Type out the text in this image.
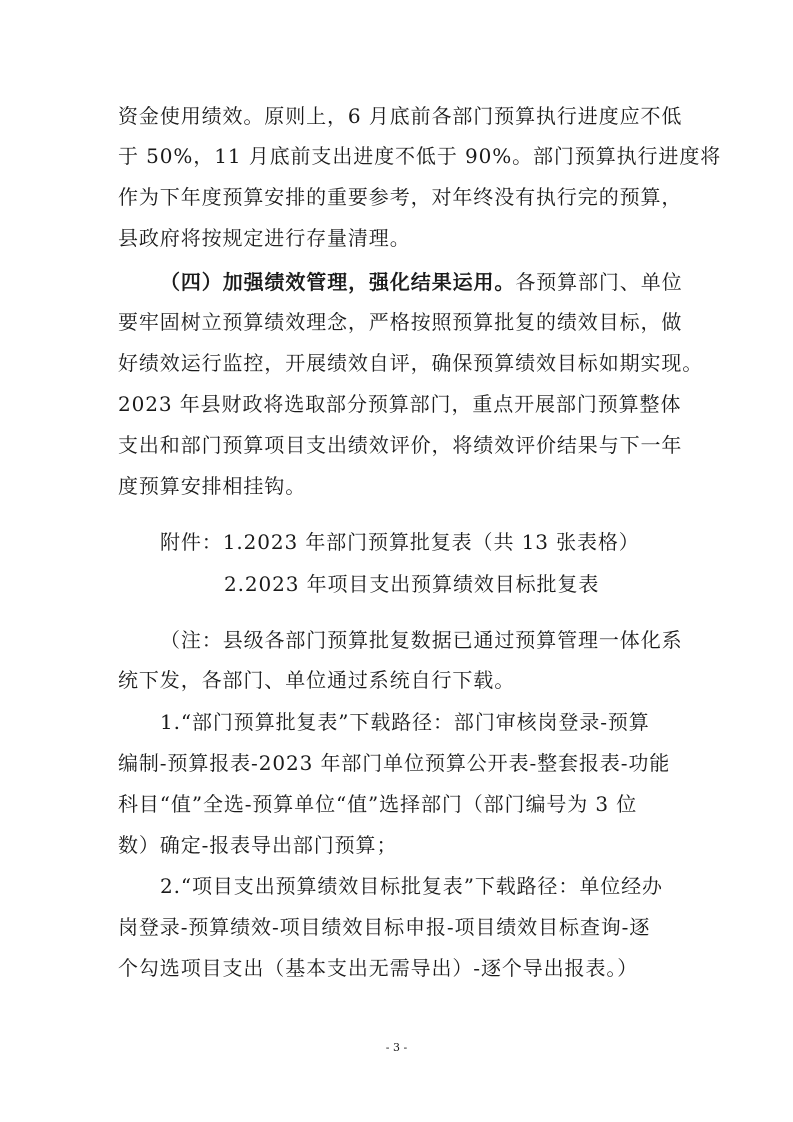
资金使用绩效。原则上，6 月底前各部门预算执行进度应不低
于 50%，11 月底前支出进度不低于 90%。部门预算执行进度将
作为下年度预算安排的重要参考，对年终没有执行完的预算，
县政府将按规定进行存量清理。
（四）加强绩效管理，强化结果运用。各预算部门、单位
要牢固树立预算绩效理念，严格按照预算批复的绩效目标，做
好绩效运行监控，开展绩效自评，确保预算绩效目标如期实现。
2023 年县财政将选取部分预算部门，重点开展部门预算整体
支出和部门预算项目支出绩效评价，将绩效评价结果与下一年
度预算安排相挂钩。
附件：1.2023 年部门预算批复表（共 13 张表格）
2.2023 年项目支出预算绩效目标批复表
（注：县级各部门预算批复数据已通过预算管理一体化系
统下发，各部门、单位通过系统自行下载。
1.“部门预算批复表”下载路径：部门审核岗登录-预算
编制-预算报表-2023 年部门单位预算公开表-整套报表-功能
科目“值”全选-预算单位“值”选择部门（部门编号为 3 位
数）确定-报表导出部门预算；
2.“项目支出预算绩效目标批复表”下载路径：单位经办
岗登录-预算绩效-项目绩效目标申报-项目绩效目标查询-逐
个勾选项目支出（基本支出无需导出）-逐个导出报表。）
- 3 -
